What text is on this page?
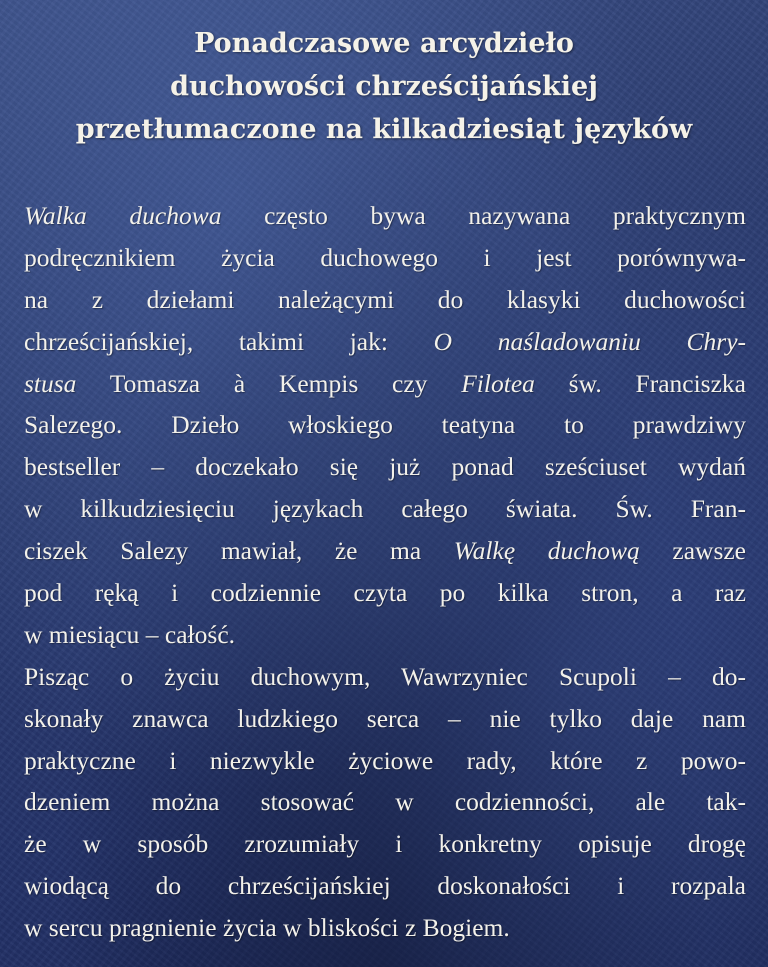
Ponadczasowe arcydzieło
duchowości chrześcijańskiej
przetłumaczone na kilkadziesiąt języków
Walka duchowa często bywa nazywana praktycznym
podręcznikiem życia duchowego i jest porównywa-
na z dziełami należącymi do klasyki duchowości
chrześcijańskiej, takimi jak: O naśladowaniu Chry-
stusa Tomasza à Kempis czy Filotea św. Franciszka
Salezego. Dzieło włoskiego teatyna to prawdziwy
bestseller – doczekało się już ponad sześciuset wydań
w kilkudziesięciu językach całego świata. Św. Fran-
ciszek Salezy mawiał, że ma Walkę duchową zawsze
pod ręką i codziennie czyta po kilka stron, a raz
w miesiącu – całość.
Pisząc o życiu duchowym, Wawrzyniec Scupoli – do-
skonały znawca ludzkiego serca – nie tylko daje nam
praktyczne i niezwykle życiowe rady, które z powo-
dzeniem można stosować w codzienności, ale tak-
że w sposób zrozumiały i konkretny opisuje drogę
wiodącą do chrześcijańskiej doskonałości i rozpala
w sercu pragnienie życia w bliskości z Bogiem.
